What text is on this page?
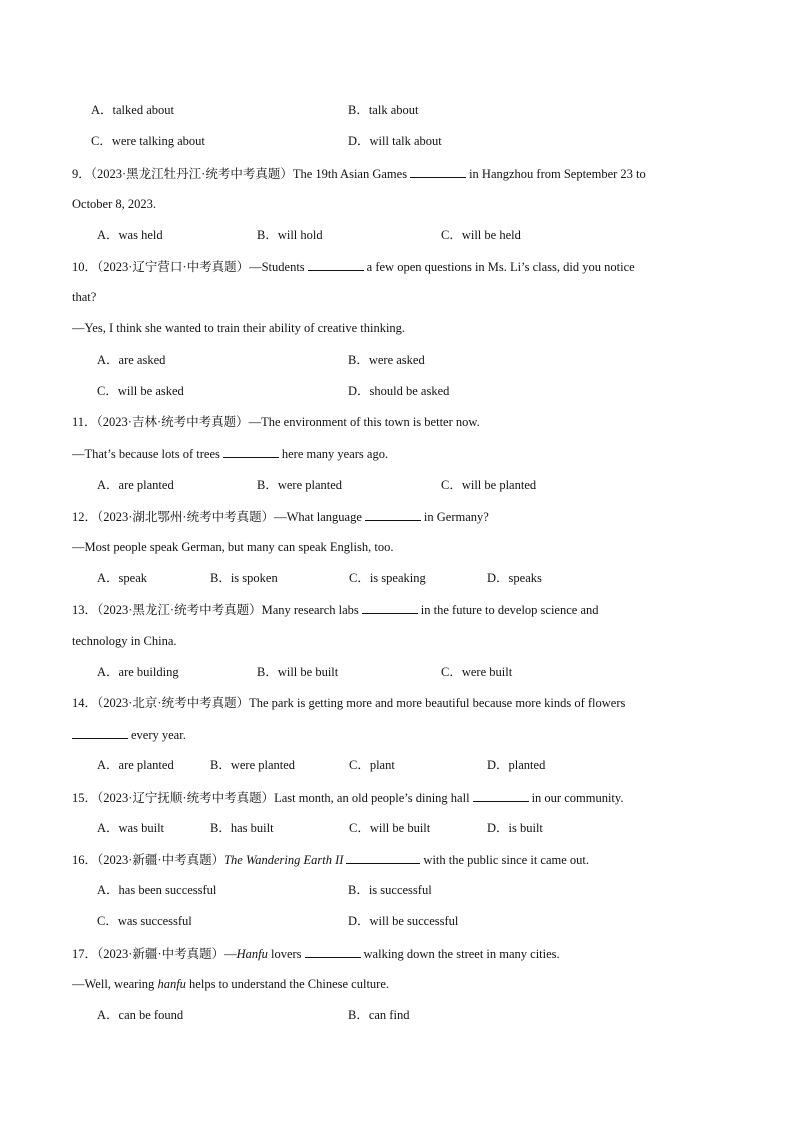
A．talked about	B．talk about
C．were talking about	D．will talk about
9．（2023·黑龙江牡丹江·统考中考真题）The 19th Asian Games	in Hangzhou from September 23 to
October 8, 2023.
A．was held	B．will hold	C．will be held
10．（2023·辽宁营口·中考真题）—Students	a few open questions in Ms. Li’s class, did you notice
that?
—Yes, I think she wanted to train their ability of creative thinking.
A．are asked	B．were asked
C．will be asked	D．should be asked
11．（2023·吉林·统考中考真题）—The environment of this town is better now.
—That’s because lots of trees	here many years ago.
A．are planted	B．were planted	C．will be planted
12．（2023·湖北鄂州·统考中考真题）—What language	in Germany?
—Most people speak German, but many can speak English, too.
A．speak	B．is spoken	C．is speaking	D．speaks
13．（2023·黑龙江·统考中考真题）Many research labs	in the future to develop science and
technology in China.
A．are building	B．will be built	C．were built
14．（2023·北京·统考中考真题）The park is getting more and more beautiful because more kinds of flowers
every year.
A．are planted	B．were planted	C．plant	D．planted
15．（2023·辽宁抚顺·统考中考真题）Last month, an old people’s dining hall	in our community.
A．was built	B．has built	C．will be built	D．is built
16．（2023·新疆·中考真题）The Wandering Earth II	with the public since it came out.
A．has been successful	B．is successful
C．was successful	D．will be successful
17．（2023·新疆·中考真题）—Hanfu lovers	walking down the street in many cities.
—Well, wearing hanfu helps to understand the Chinese culture.
A．can be found	B．can find
